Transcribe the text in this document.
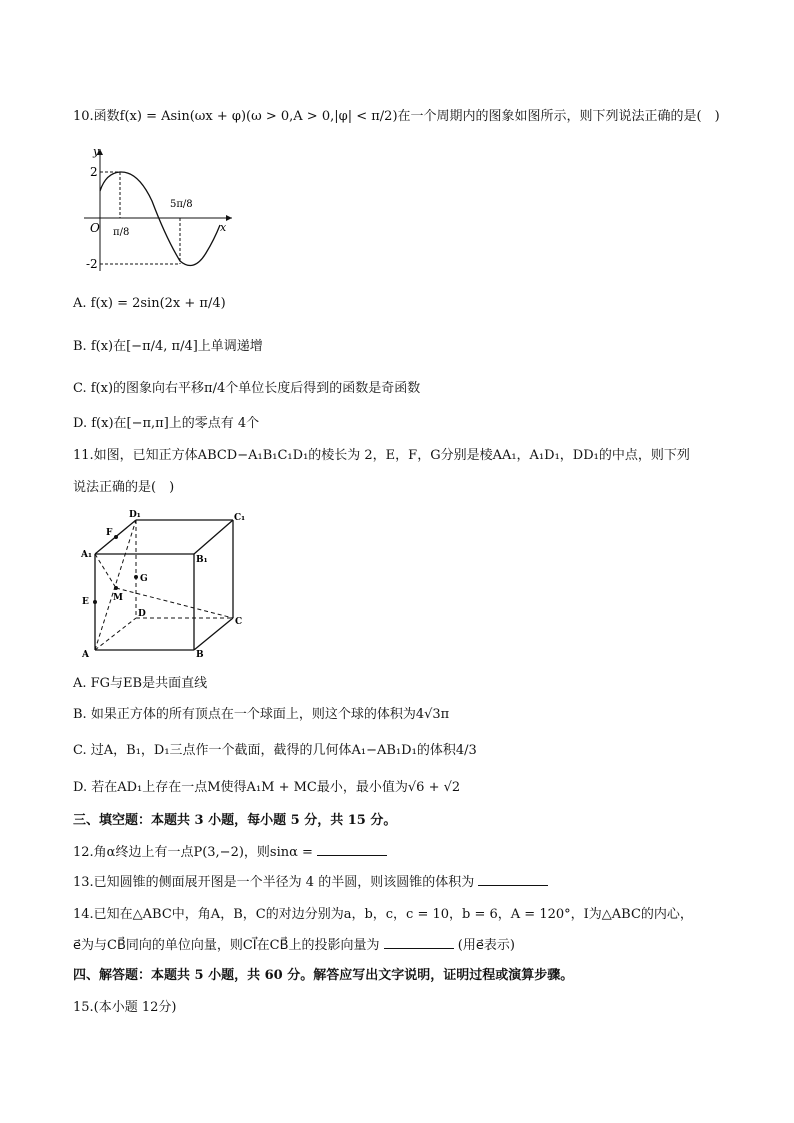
10.函数f(x) = Asin(ωx + φ)(ω > 0,A > 0,|φ| < π/2)在一个周期内的图象如图所示，则下列说法正确的是(　)
y
x
O
2
-2
π/8
5π/8
A. f(x) = 2sin(2x + π/4)
B. f(x)在[−π/4, π/4]上单调递增
C. f(x)的图象向右平移π/4个单位长度后得到的函数是奇函数
D. f(x)在[−π,π]上的零点有 4个
11.如图，已知正方体ABCD−A₁B₁C₁D₁的棱长为 2，E，F，G分别是棱AA₁，A₁D₁，DD₁的中点，则下列
说法正确的是(　)
D₁	C₁
F
A₁	B₁
G
E	M
D
C
A	B
A. FG与EB是共面直线
B. 如果正方体的所有顶点在一个球面上，则这个球的体积为4√3π
C. 过A，B₁，D₁三点作一个截面，截得的几何体A₁−AB₁D₁的体积4/3
D. 若在AD₁上存在一点M使得A₁M + MC最小，最小值为√6 + √2
三、填空题：本题共 3 小题，每小题 5 分，共 15 分。
12.角α终边上有一点P(3,−2)，则sinα =
13.已知圆锥的侧面展开图是一个半径为 4 的半圆，则该圆锥的体积为
14.已知在△ABC中，角A，B，C的对边分别为a，b，c，c = 10，b = 6，A = 120°，I为△ABC的内心，
e⃗为与CB⃗同向的单位向量，则CI⃗在CB⃗上的投影向量为	(用e⃗表示)
四、解答题：本题共 5 小题，共 60 分。解答应写出文字说明，证明过程或演算步骤。
15.(本小题 12分)
